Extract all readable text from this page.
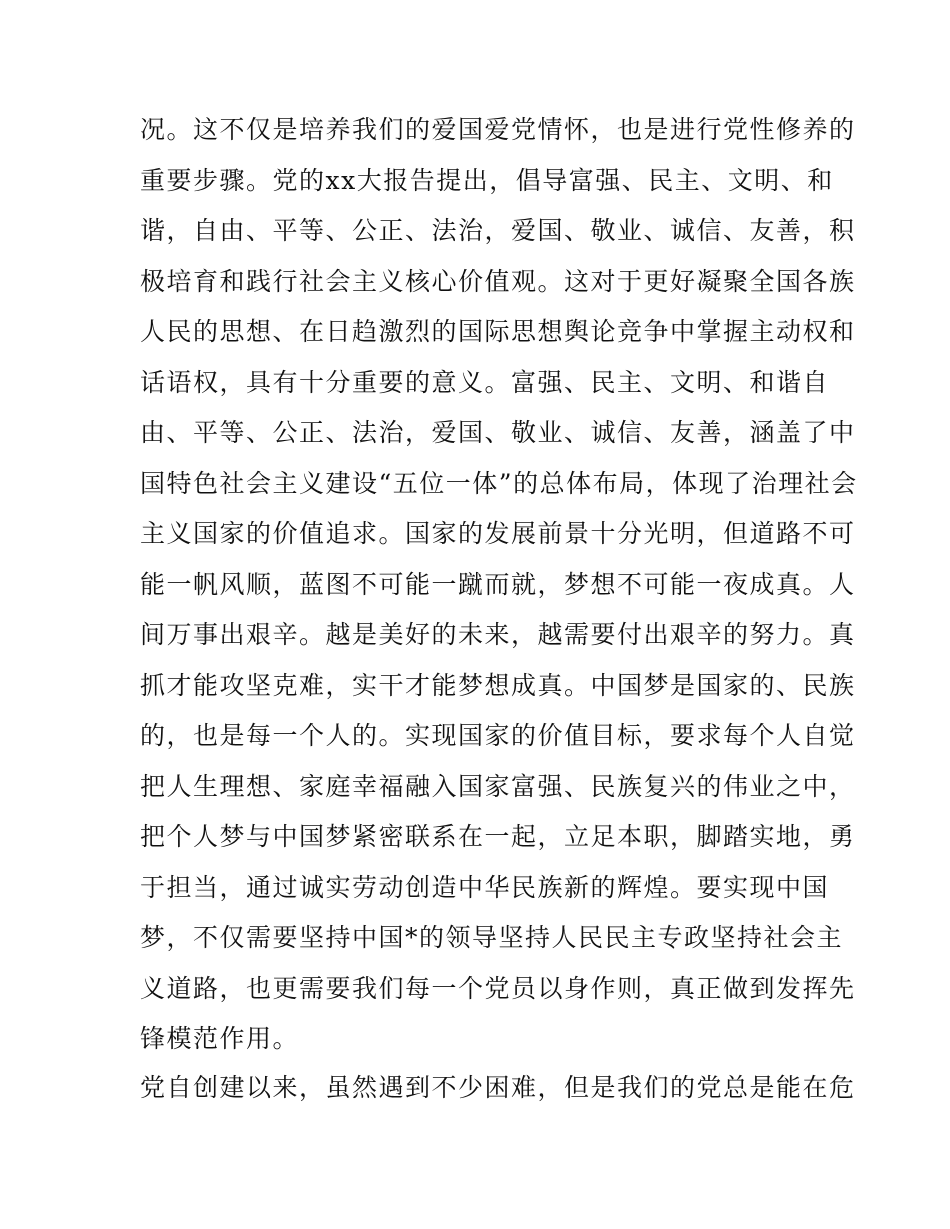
况。这不仅是培养我们的爱国爱党情怀，也是进行党性修养的
重要步骤。党的xx大报告提出，倡导富强、民主、文明、和
谐，自由、平等、公正、法治，爱国、敬业、诚信、友善，积
极培育和践行社会主义核心价值观。这对于更好凝聚全国各族
人民的思想、在日趋激烈的国际思想舆论竞争中掌握主动权和
话语权，具有十分重要的意义。富强、民主、文明、和谐自
由、平等、公正、法治，爱国、敬业、诚信、友善，涵盖了中
国特色社会主义建设“五位一体”的总体布局，体现了治理社会
主义国家的价值追求。国家的发展前景十分光明，但道路不可
能一帆风顺，蓝图不可能一蹴而就，梦想不可能一夜成真。人
间万事出艰辛。越是美好的未来，越需要付出艰辛的努力。真
抓才能攻坚克难，实干才能梦想成真。中国梦是国家的、民族
的，也是每一个人的。实现国家的价值目标，要求每个人自觉
把人生理想、家庭幸福融入国家富强、民族复兴的伟业之中，
把个人梦与中国梦紧密联系在一起，立足本职，脚踏实地，勇
于担当，通过诚实劳动创造中华民族新的辉煌。要实现中国
梦，不仅需要坚持中国*的领导坚持人民民主专政坚持社会主
义道路，也更需要我们每一个党员以身作则，真正做到发挥先
锋模范作用。
党自创建以来，虽然遇到不少困难，但是我们的党总是能在危
